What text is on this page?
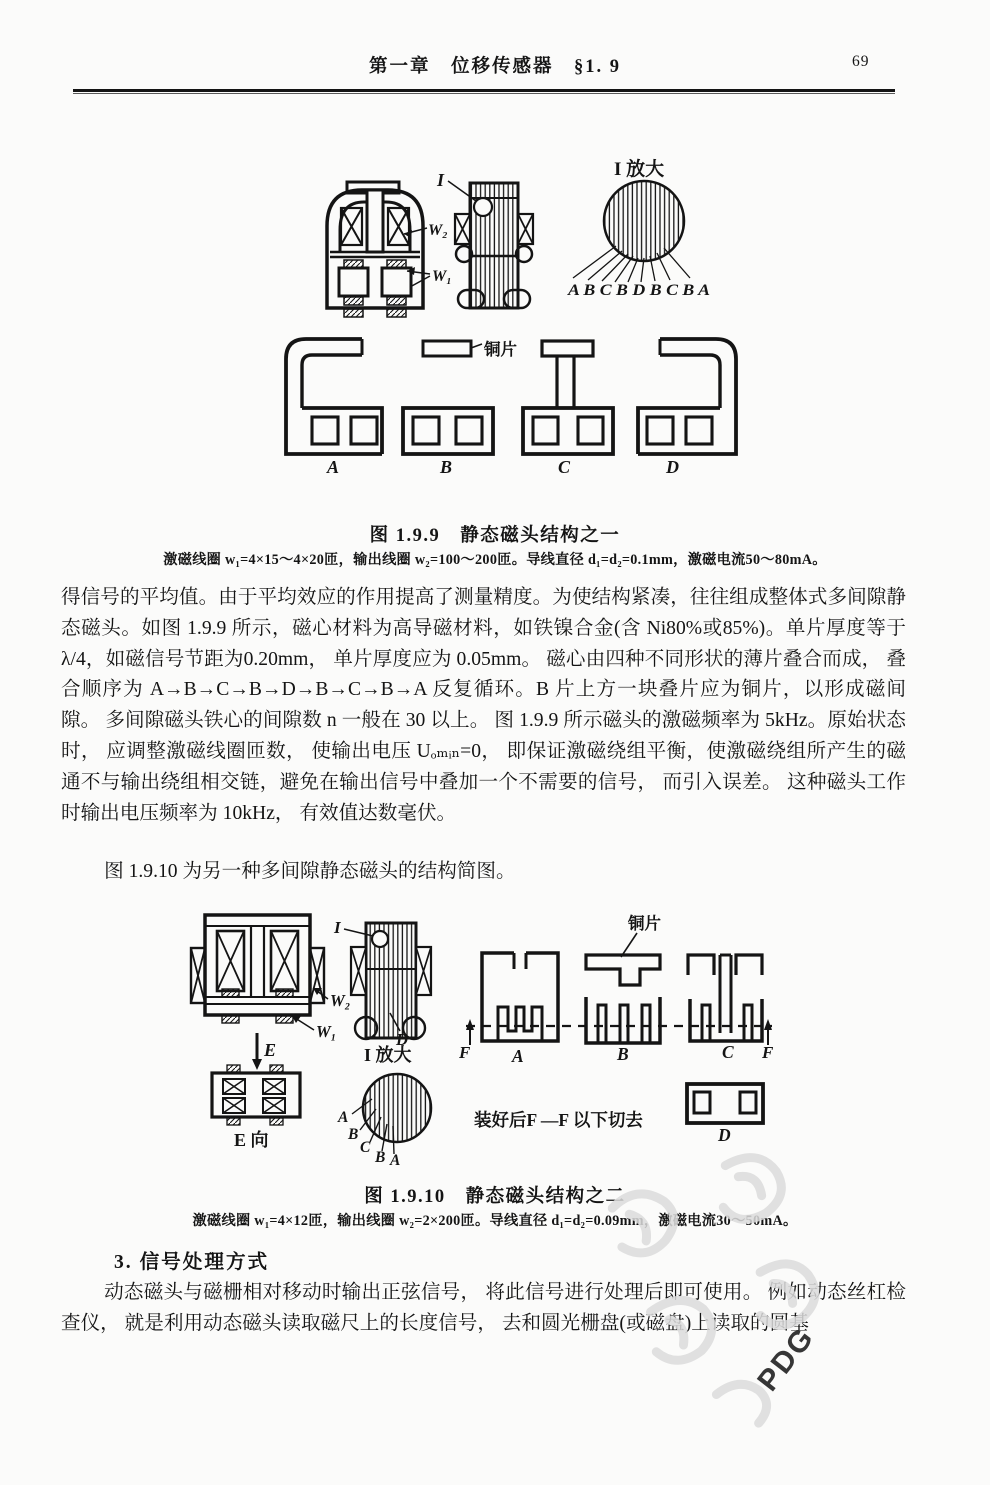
第一章　位移传感器　§1. 9	69
I
W₂
W₁
I 放大
A B C B D B C B A
铜片
A	B	C	D
图 1.9.9　静态磁头结构之一
激磁线圈 w₁=4×15～4×20匝，输出线圈 w₂=100～200匝。导线直径 d₁=d₂=0.1mm，激磁电流50～80mA。
得信号的平均值。由于平均效应的作用提高了测量精度。为使结构紧凑，往往组成整体式多间隙静态磁头。如图 1.9.9 所示，磁心材料为高导磁材料，如铁镍合金(含 Ni80%或85%)。单片厚度等于 λ/4，如磁信号节距为0.20mm， 单片厚度应为 0.05mm。 磁心由四种不同形状的薄片叠合而成， 叠合顺序为 A→B→C→B→D→B→C→B→A 反复循环。B 片上方一块叠片应为铜片，以形成磁间隙。 多间隙磁头铁心的间隙数 n 一般在 30 以上。 图 1.9.9 所示磁头的激磁频率为 5kHz。原始状态时， 应调整激磁线圈匝数， 使输出电压 Uₒₘᵢₙ=0， 即保证激磁绕组平衡，使激磁绕组所产生的磁通不与输出绕组相交链，避免在输出信号中叠加一个不需要的信号， 而引入误差。 这种磁头工作时输出电压频率为 10kHz， 有效值达数毫伏。
图 1.9.10 为另一种多间隙静态磁头的结构简图。
W₂
W₁
E
E 向
I
D
I 放大
A
B
C
B A
铜片
F	F
A	B	C
装好后F —F 以下切去
D
图 1.9.10　静态磁头结构之二
激磁线圈 w₁=4×12匝，输出线圈 w₂=2×200匝。导线直径 d₁=d₂=0.09mm，激磁电流30～50mA。
3. 信号处理方式
动态磁头与磁栅相对移动时输出正弦信号， 将此信号进行处理后即可使用。 例如动态丝杠检查仪， 就是利用动态磁头读取磁尺上的长度信号， 去和圆光栅盘(或磁盘)上读取的圆基
PDG
